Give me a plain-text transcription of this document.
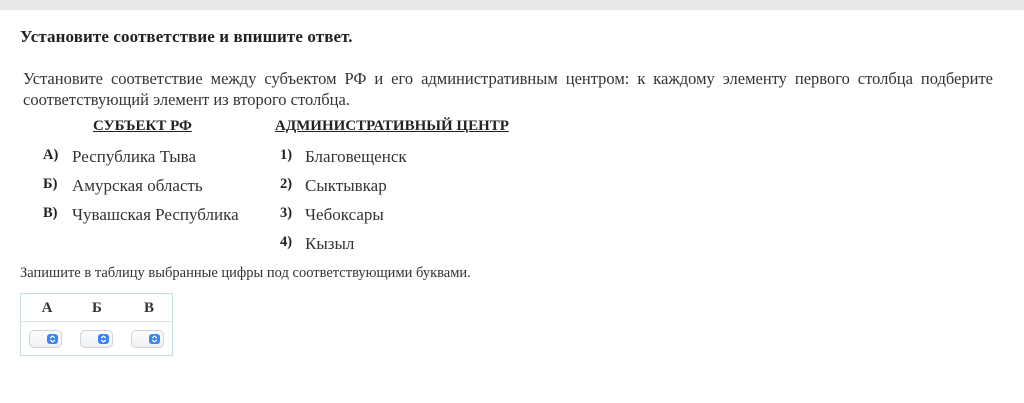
Установите соответствие и впишите ответ.
Установите соответствие между субъектом РФ и его административным центром: к каждому элементу первого столбца подберите соответствующий элемент из второго столбца.
СУБЪЕКТ РФ	АДМИНИСТРАТИВНЫЙ ЦЕНТР
А) Республика Тыва
Б) Амурская область
В) Чувашская Республика
1) Благовещенск
2) Сыктывкар
3) Чебоксары
4) Кызыл
Запишите в таблицу выбранные цифры под соответствующими буквами.
А	Б	В
